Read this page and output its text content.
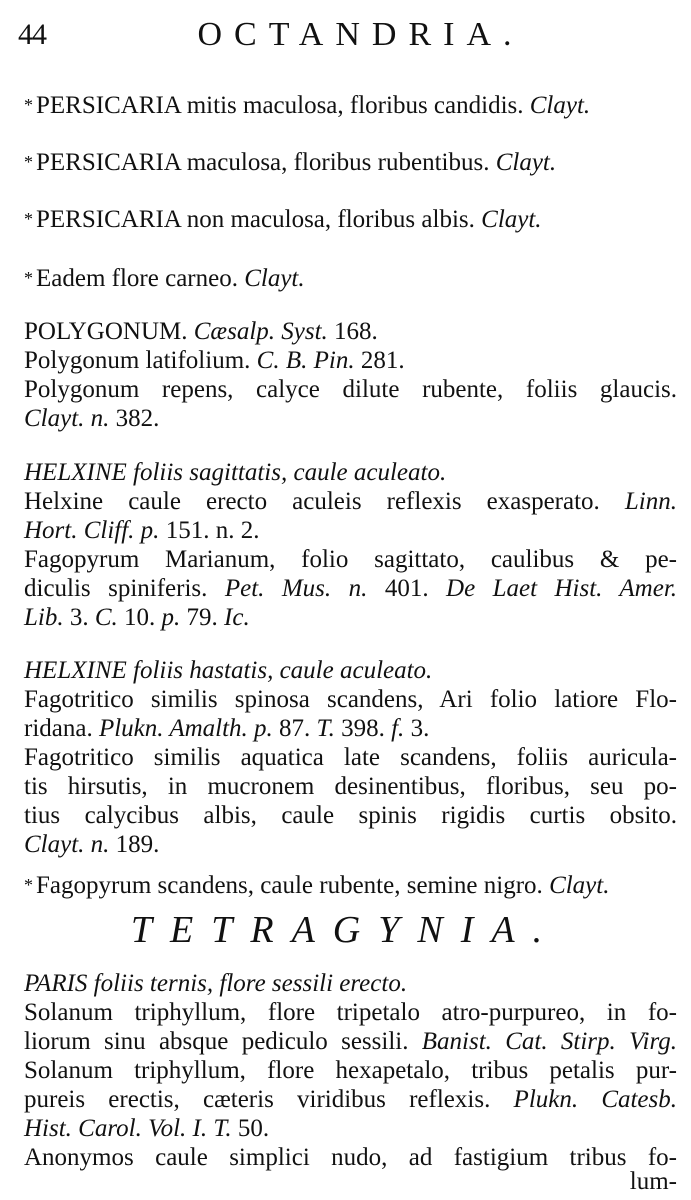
44	OCTANDRIA.
* PERSICARIA mitis maculosa, floribus candidis. Clayt.
* PERSICARIA maculosa, floribus rubentibus. Clayt.
* PERSICARIA non maculosa, floribus albis. Clayt.
* Eadem flore carneo. Clayt.
POLYGONUM. Cæsalp. Syst. 168.
Polygonum latifolium. C. B. Pin. 281.
Polygonum repens, calyce dilute rubente, foliis glaucis.
Clayt. n. 382.
HELXINE foliis sagittatis, caule aculeato.
Helxine caule erecto aculeis reflexis exasperato. Linn.
Hort. Cliff. p. 151. n. 2.
Fagopyrum Marianum, folio sagittato, caulibus & pe-
diculis spiniferis. Pet. Mus. n. 401. De Laet Hist. Amer.
Lib. 3. C. 10. p. 79. Ic.
HELXINE foliis hastatis, caule aculeato.
Fagotritico similis spinosa scandens, Ari folio latiore Flo-
ridana. Plukn. Amalth. p. 87. T. 398. f. 3.
Fagotritico similis aquatica late scandens, foliis auricula-
tis hirsutis, in mucronem desinentibus, floribus, seu po-
tius calycibus albis, caule spinis rigidis curtis obsito.
Clayt. n. 189.
* Fagopyrum scandens, caule rubente, semine nigro. Clayt.
PARIS foliis ternis, flore sessili erecto.
Solanum triphyllum, flore tripetalo atro-purpureo, in fo-
liorum sinu absque pediculo sessili. Banist. Cat. Stirp. Virg.
Solanum triphyllum, flore hexapetalo, tribus petalis pur-
pureis erectis, cæteris viridibus reflexis. Plukn. Catesb.
Hist. Carol. Vol. I. T. 50.
Anonymos caule simplici nudo, ad fastigium tribus fo-
TETRAGYNIA.
lum-
